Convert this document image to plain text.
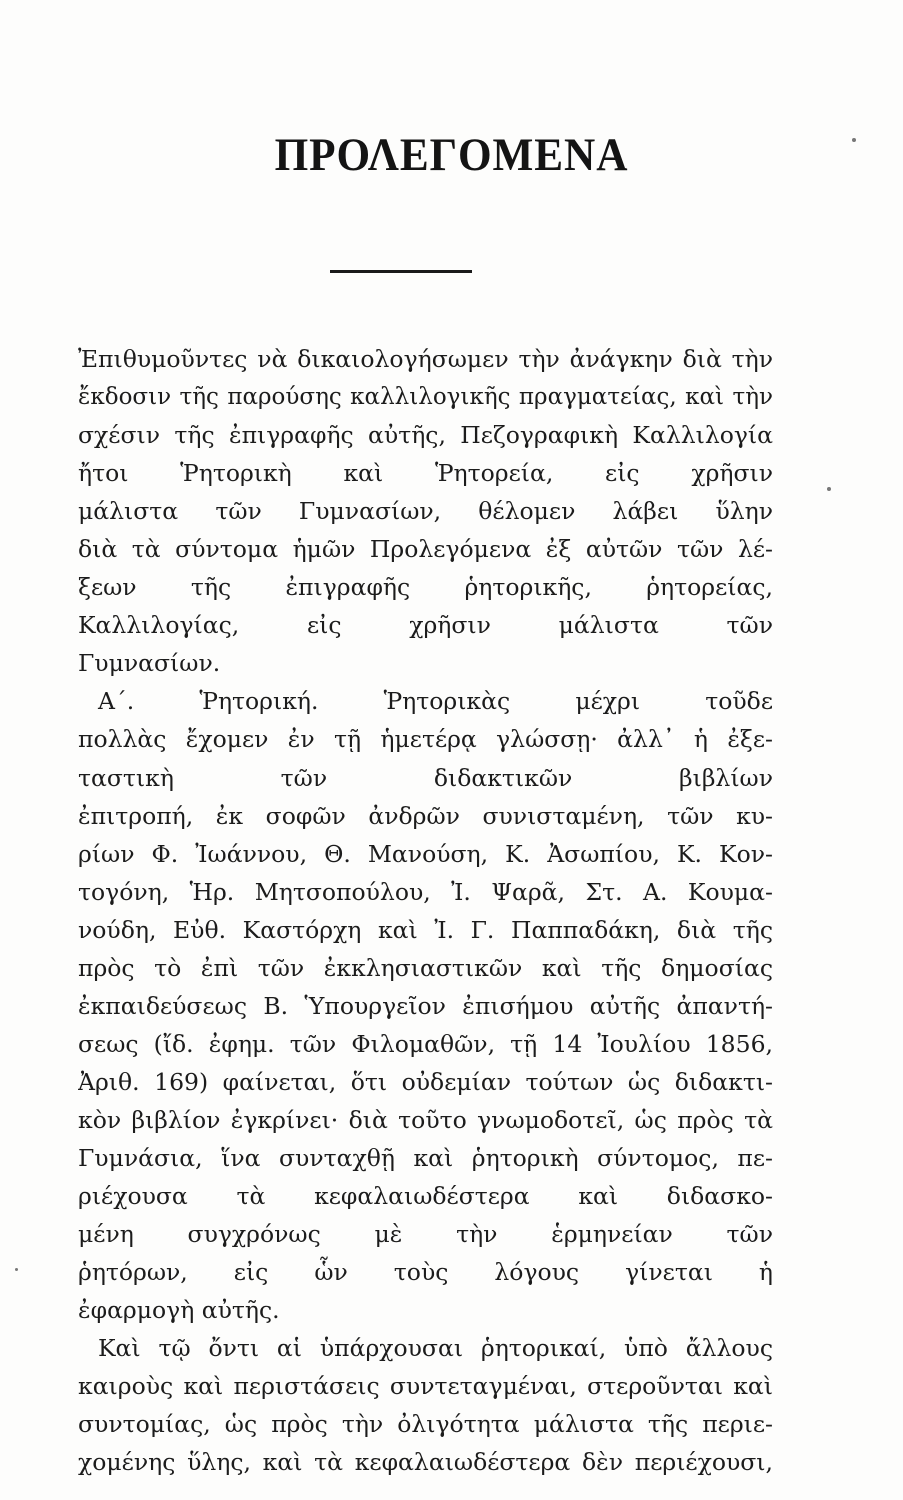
ΠΡΟΛΕΓΟΜΕΝΑ
Ἐπιθυμοῦντες νὰ δικαιολογήσωμεν τὴν ἀνάγκην διὰ τὴν
ἔκδοσιν τῆς παρούσης καλλιλογικῆς πραγματείας, καὶ τὴν
σχέσιν τῆς ἐπιγραφῆς αὐτῆς, Πεζογραφικὴ Καλλιλογία
ἤτοι Ῥητορικὴ καὶ Ῥητορεία, εἰς χρῆσιν
μάλιστα τῶν Γυμνασίων, θέλομεν λάβει ὕλην
διὰ τὰ σύντομα ἡμῶν Προλεγόμενα ἐξ αὐτῶν τῶν λέ-
ξεων τῆς ἐπιγραφῆς ῥητορικῆς, ῥητορείας,
Καλλιλογίας, εἰς χρῆσιν μάλιστα τῶν
Γυμνασίων.
Α΄. Ῥητορική. Ῥητορικὰς μέχρι τοῦδε
πολλὰς ἔχομεν ἐν τῇ ἡμετέρᾳ γλώσσῃ· ἀλλ᾽ ἡ ἐξε-
ταστικὴ τῶν διδακτικῶν βιβλίων
ἐπιτροπή, ἐκ σοφῶν ἀνδρῶν συνισταμένη, τῶν κυ-
ρίων Φ. Ἰωάννου, Θ. Μανούση, Κ. Ἀσωπίου, Κ. Κον-
τογόνη, Ἡρ. Μητσοπούλου, Ἰ. Ψαρᾶ, Στ. Α. Κουμα-
νούδη, Εὐθ. Καστόρχη καὶ Ἰ. Γ. Παππαδάκη, διὰ τῆς
πρὸς τὸ ἐπὶ τῶν ἐκκλησιαστικῶν καὶ τῆς δημοσίας
ἐκπαιδεύσεως Β. Ὑπουργεῖον ἐπισήμου αὐτῆς ἀπαντή-
σεως (ἴδ. ἐφημ. τῶν Φιλομαθῶν, τῇ 14 Ἰουλίου 1856,
Ἀριθ. 169) φαίνεται, ὅτι οὐδεμίαν τούτων ὡς διδακτι-
κὸν βιβλίον ἐγκρίνει· διὰ τοῦτο γνωμοδοτεῖ, ὡς πρὸς τὰ
Γυμνάσια, ἵνα συνταχθῇ καὶ ῥητορικὴ σύντομος, πε-
ριέχουσα τὰ κεφαλαιωδέστερα καὶ διδασκο-
μένη συγχρόνως μὲ τὴν ἑρμηνείαν τῶν
ῥητόρων, εἰς ὧν τοὺς λόγους γίνεται ἡ
ἐφαρμογὴ αὐτῆς.
Καὶ τῷ ὄντι αἱ ὑπάρχουσαι ῥητορικαί, ὑπὸ ἄλλους
καιροὺς καὶ περιστάσεις συντεταγμέναι, στεροῦνται καὶ
συντομίας, ὡς πρὸς τὴν ὀλιγότητα μάλιστα τῆς περιε-
χομένης ὕλης, καὶ τὰ κεφαλαιωδέστερα δὲν περιέχουσι,
